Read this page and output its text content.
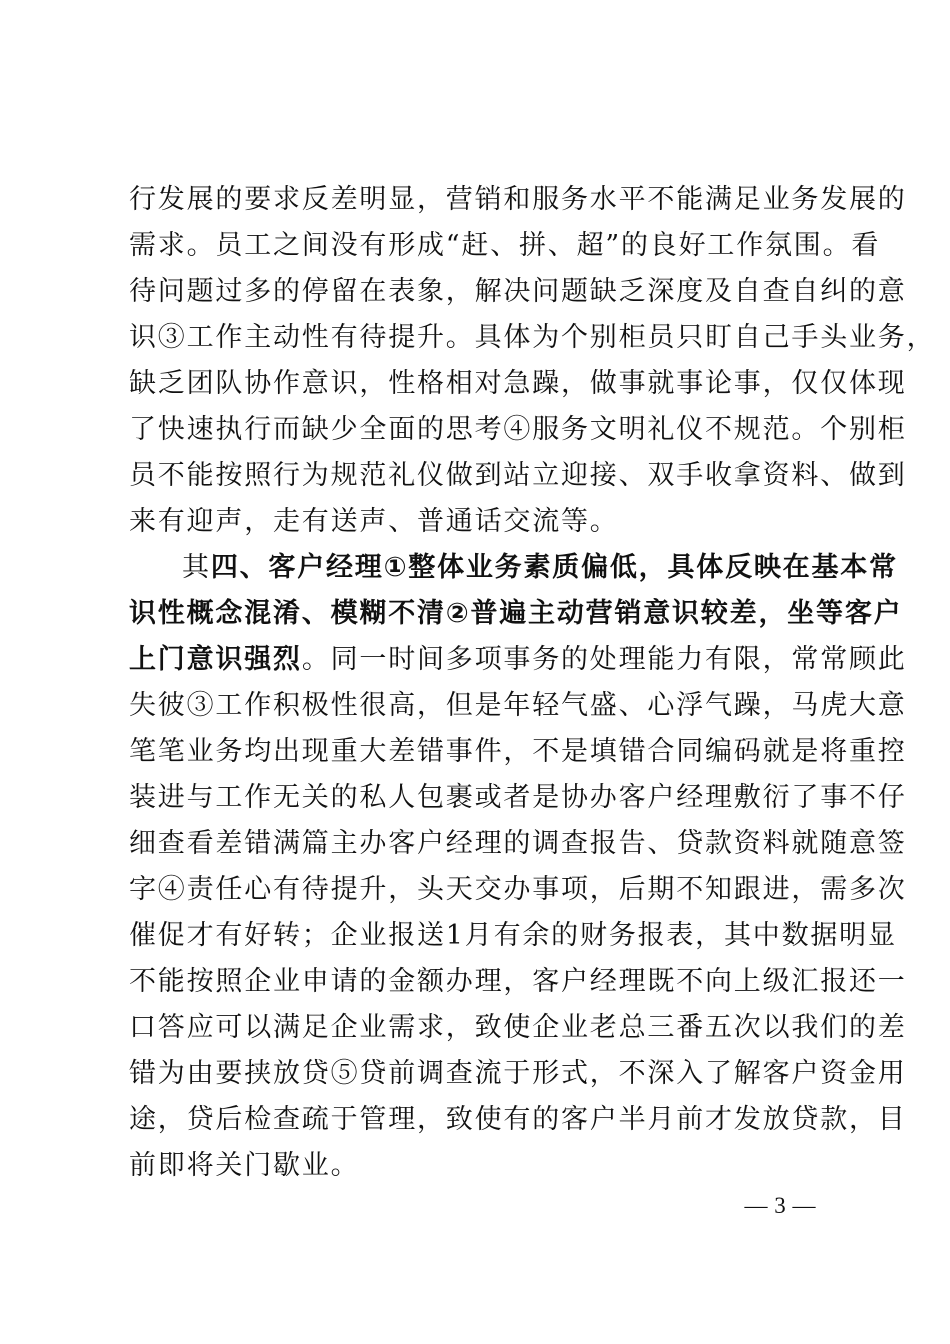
行发展的要求反差明显，营销和服务水平不能满足业务发展的
需求。员工之间没有形成“赶、拼、超”的良好工作氛围。看
待问题过多的停留在表象，解决问题缺乏深度及自查自纠的意
识③工作主动性有待提升。具体为个别柜员只盯自己手头业务，
缺乏团队协作意识，性格相对急躁，做事就事论事，仅仅体现
了快速执行而缺少全面的思考④服务文明礼仪不规范。个别柜
员不能按照行为规范礼仪做到站立迎接、双手收拿资料、做到
来有迎声，走有送声、普通话交流等。
其四、客户经理①整体业务素质偏低，具体反映在基本常
识性概念混淆、模糊不清②普遍主动营销意识较差，坐等客户
上门意识强烈。同一时间多项事务的处理能力有限，常常顾此
失彼③工作积极性很高，但是年轻气盛、心浮气躁，马虎大意
笔笔业务均出现重大差错事件，不是填错合同编码就是将重控
装进与工作无关的私人包裹或者是协办客户经理敷衍了事不仔
细查看差错满篇主办客户经理的调查报告、贷款资料就随意签
字④责任心有待提升，头天交办事项，后期不知跟进，需多次
催促才有好转；企业报送1月有余的财务报表，其中数据明显
不能按照企业申请的金额办理，客户经理既不向上级汇报还一
口答应可以满足企业需求，致使企业老总三番五次以我们的差
错为由要挟放贷⑤贷前调查流于形式，不深入了解客户资金用
途，贷后检查疏于管理，致使有的客户半月前才发放贷款，目
前即将关门歇业。
— 3 —
